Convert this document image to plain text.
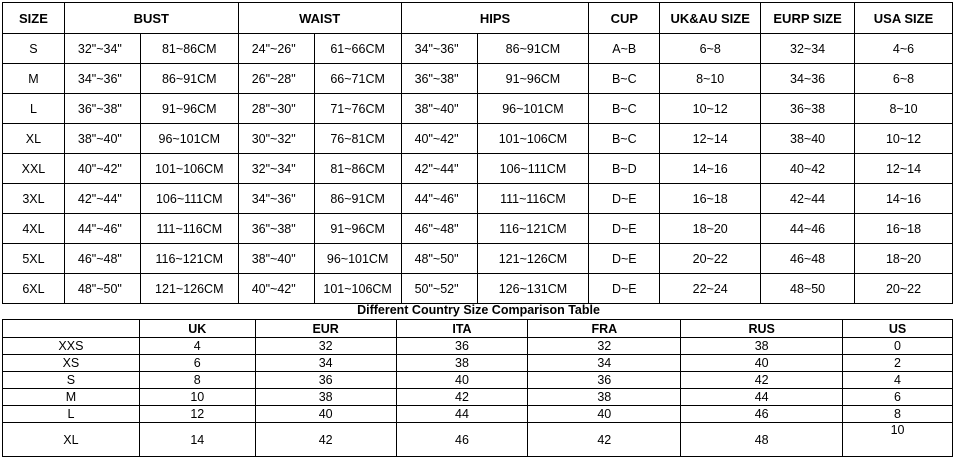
SIZE	BUST		WAIST		HIPS		CUP	UK&AU SIZE	EURP SIZE	USA SIZE
S	32"~34"	81~86CM	24"~26"	61~66CM	34"~36"	86~91CM	A~B	6~8	32~34	4~6
M	34"~36"	86~91CM	26"~28"	66~71CM	36"~38"	91~96CM	B~C	8~10	34~36	6~8
L	36"~38"	91~96CM	28"~30"	71~76CM	38"~40"	96~101CM	B~C	10~12	36~38	8~10
XL	38"~40"	96~101CM	30"~32"	76~81CM	40"~42"	101~106CM	B~C	12~14	38~40	10~12
XXL	40"~42"	101~106CM	32"~34"	81~86CM	42"~44"	106~111CM	B~D	14~16	40~42	12~14
3XL	42"~44"	106~111CM	34"~36"	86~91CM	44"~46"	111~116CM	D~E	16~18	42~44	14~16
4XL	44"~46"	111~116CM	36"~38"	91~96CM	46"~48"	116~121CM	D~E	18~20	44~46	16~18
5XL	46"~48"	116~121CM	38"~40"	96~101CM	48"~50"	121~126CM	D~E	20~22	46~48	18~20
6XL	48"~50"	121~126CM	40"~42"	101~106CM	50"~52"	126~131CM	D~E	22~24	48~50	20~22
Different Country Size Comparison Table
	UK	EUR	ITA	FRA	RUS	US
XXS	4	32	36	32	38	0
XS	6	34	38	34	40	2
S	8	36	40	36	42	4
M	10	38	42	38	44	6
L	12	40	44	40	46	8
XL	14	42	46	42	48	10
